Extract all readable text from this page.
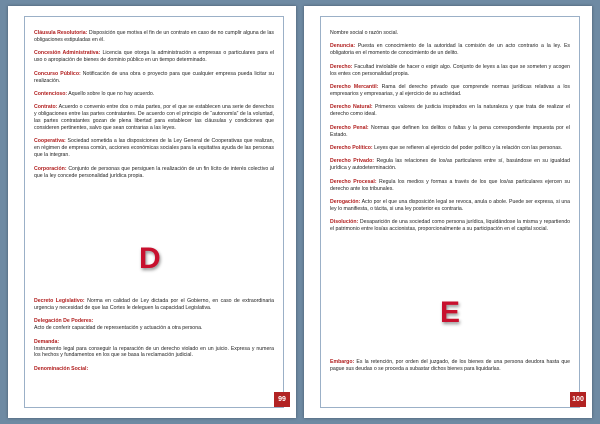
Cláusula Resolutoria: Disposición que motiva el fin de un contrato en caso de no cumplir alguna de las obligaciones estipuladas en él.

Concesión Administrativa: Licencia que otorga la administración a empresas o particulares para el uso o apropiación de bienes de dominio público en un tiempo determinado.

Concurso Público: Notificación de una obra o proyecto para que cualquier empresa pueda licitar su realización.

Contencioso: Aquello sobre lo que no hay acuerdo.

Contrato: Acuerdo o convenio entre dos o más partes, por el que se establecen una serie de derechos y obligaciones entre las partes contratantes. De acuerdo con el principio de “autonomía” de la voluntad, las partes contratantes gozan de plena libertad para establecer las cláusulas y condiciones que consideren pertinentes, salvo que sean contrarias a las leyes.

Cooperativa: Sociedad sometida a las disposiciones de la Ley General de Cooperativas que realizan, en régimen de empresa común, acciones económicas sociales para la equitativa ayuda de las personas que la integran.

Corporación: Conjunto de personas que persiguen la realización de un fin lícito de interés colectivo al que la ley concede personalidad jurídica propia.

D

Decreto Legislativo: Norma en calidad de Ley dictada por el Gobierno, en caso de extraordinaria urgencia y necesidad de que las Cortes le deleguen la capacidad Legislativa.

Delegación De Poderes:
Acto de conferir capacidad de representación y actuación a otra persona.

Demanda:
Instrumento legal para conseguir la reparación de un derecho violado en un juicio. Expresa y numera los hechos y fundamentos en los que se basa la reclamación judicial.

Denominación Social:

99

Nombre social o razón social.

Denuncia: Puesta en conocimiento de la autoridad la comisión de un acto contrario a la ley. Es obligatoria en el momento de conocimiento de un delito.

Derecho: Facultad inviolable de hacer o exigir algo. Conjunto de leyes a las que se someten y acogen los entes con personalidad propia.

Derecho Mercantil: Rama del derecho privado que comprende normas jurídicas relativas a los empresarios y empresarias, y al ejercicio de su actividad.

Derecho Natural: Primeros valores de justicia inspirados en la naturaleza y que trata de realizar el derecho como ideal.

Derecho Penal: Normas que definen los delitos o faltas y la pena correspondiente impuesta por el Estado.

Derecho Político: Leyes que se refieren al ejercicio del poder político y la relación con las personas.

Derecho Privado: Regula las relaciones de los/as particulares entre sí, basándose en su igualdad jurídica y autodeterminación.

Derecho Procesal: Regula los medios y formas a través de los que los/as particulares ejercen su derecho ante los tribunales.

Derogación: Acto por el que una disposición legal se revoca, anula o abole. Puede ser expresa, si una ley lo manifiesta, o tácita, si una ley posterior es contraria.

Disolución: Desaparición de una sociedad como persona jurídica, liquidándose la misma y repartiendo el patrimonio entre los/as accionistas, proporcionalmente a su participación en el capital social.

E

Embargo: Es la retención, por orden del juzgado, de los bienes de una persona deudora hasta que pague sus deudas o se proceda a subastar dichos bienes para liquidarlas.

100
